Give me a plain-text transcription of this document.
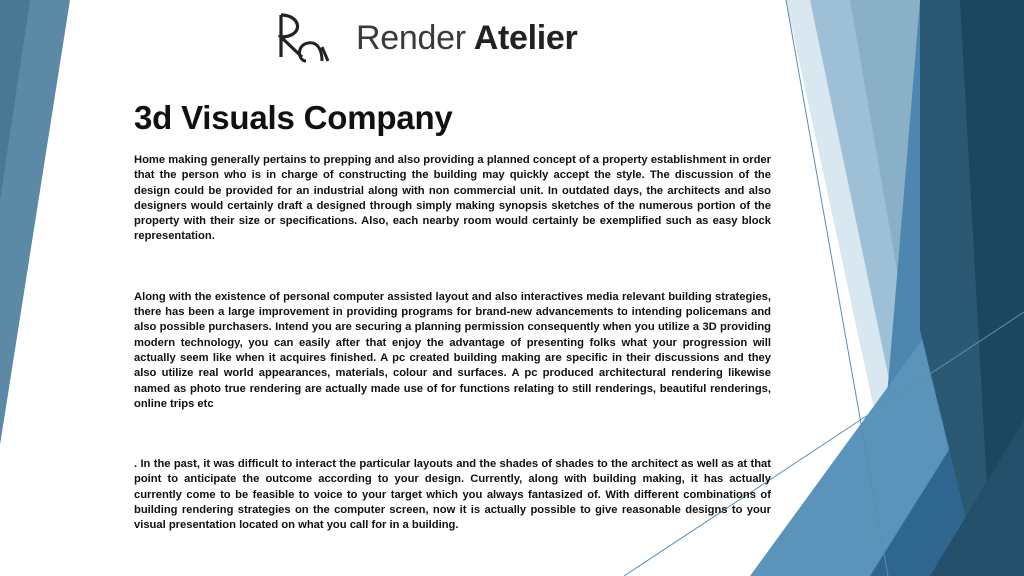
Render Atelier
3d Visuals Company

Home making generally pertains to prepping and also providing a planned concept of a property establishment in order that the person who is in charge of constructing the building may quickly accept the style. The discussion of the design could be provided for an industrial along with non commercial unit. In outdated days, the architects and also designers would certainly draft a designed through simply making synopsis sketches of the numerous portion of the property with their size or specifications. Also, each nearby room would certainly be exemplified such as easy block representation.

Along with the existence of personal computer assisted layout and also interactives media relevant building strategies, there has been a large improvement in providing programs for brand-new advancements to intending policemans and also possible purchasers. Intend you are securing a planning permission consequently when you utilize a 3D providing modern technology, you can easily after that enjoy the advantage of presenting folks what your progression will actually seem like when it acquires finished. A pc created building making are specific in their discussions and they also utilize real world appearances, materials, colour and surfaces. A pc produced architectural rendering likewise named as photo true rendering are actually made use of for functions relating to still renderings, beautiful renderings, online trips etc

. In the past, it was difficult to interact the particular layouts and the shades of shades to the architect as well as at that point to anticipate the outcome according to your design. Currently, along with building making, it has actually currently come to be feasible to voice to your target which you always fantasized of. With different combinations of building rendering strategies on the computer screen, now it is actually possible to give reasonable designs to your visual presentation located on what you call for in a building.
